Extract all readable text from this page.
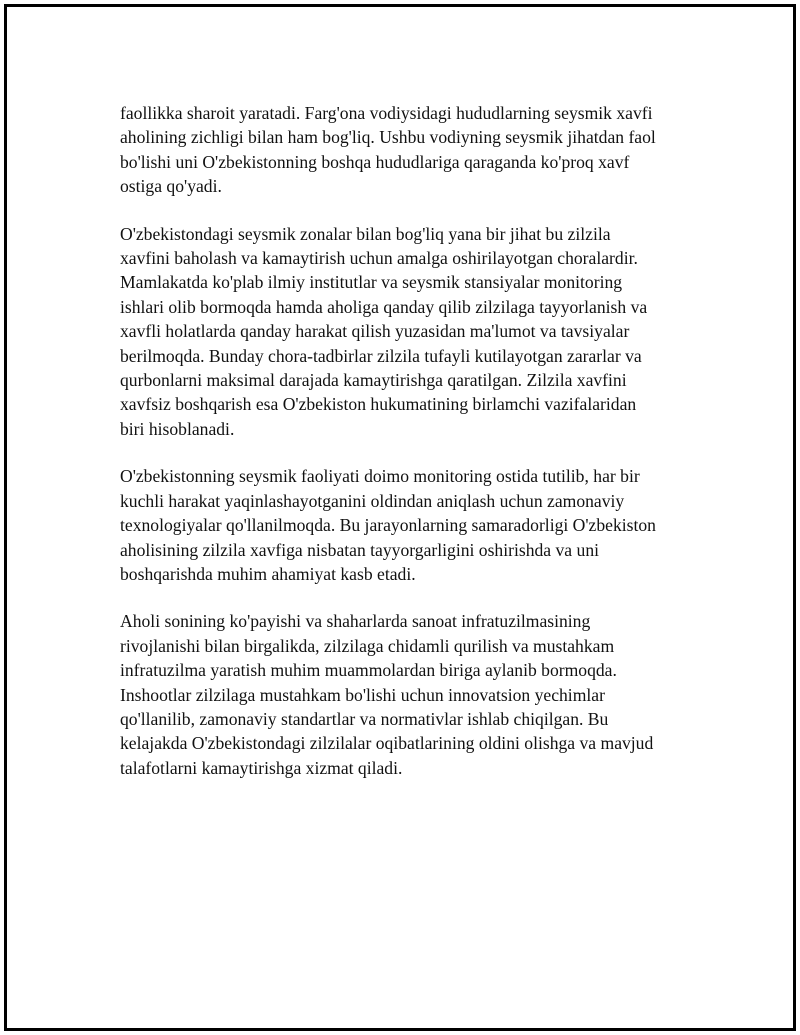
faollikka sharoit yaratadi. Farg'ona vodiysidagi hududlarning seysmik xavfi
aholining zichligi bilan ham bog'liq. Ushbu vodiyning seysmik jihatdan faol
bo'lishi uni O'zbekistonning boshqa hududlariga qaraganda ko'proq xavf
ostiga qo'yadi.

O'zbekistondagi seysmik zonalar bilan bog'liq yana bir jihat bu zilzila
xavfini baholash va kamaytirish uchun amalga oshirilayotgan choralardir.
Mamlakatda ko'plab ilmiy institutlar va seysmik stansiyalar monitoring
ishlari olib bormoqda hamda aholiga qanday qilib zilzilaga tayyorlanish va
xavfli holatlarda qanday harakat qilish yuzasidan ma'lumot va tavsiyalar
berilmoqda. Bunday chora-tadbirlar zilzila tufayli kutilayotgan zararlar va
qurbonlarni maksimal darajada kamaytirishga qaratilgan. Zilzila xavfini
xavfsiz boshqarish esa O'zbekiston hukumatining birlamchi vazifalaridan
biri hisoblanadi.

O'zbekistonning seysmik faoliyati doimo monitoring ostida tutilib, har bir
kuchli harakat yaqinlashayotganini oldindan aniqlash uchun zamonaviy
texnologiyalar qo'llanilmoqda. Bu jarayonlarning samaradorligi O'zbekiston
aholisining zilzila xavfiga nisbatan tayyorgarligini oshirishda va uni
boshqarishda muhim ahamiyat kasb etadi.

Aholi sonining ko'payishi va shaharlarda sanoat infratuzilmasining
rivojlanishi bilan birgalikda, zilzilaga chidamli qurilish va mustahkam
infratuzilma yaratish muhim muammolardan biriga aylanib bormoqda.
Inshootlar zilzilaga mustahkam bo'lishi uchun innovatsion yechimlar
qo'llanilib, zamonaviy standartlar va normativlar ishlab chiqilgan. Bu
kelajakda O'zbekistondagi zilzilalar oqibatlarining oldini olishga va mavjud
talafotlarni kamaytirishga xizmat qiladi.
